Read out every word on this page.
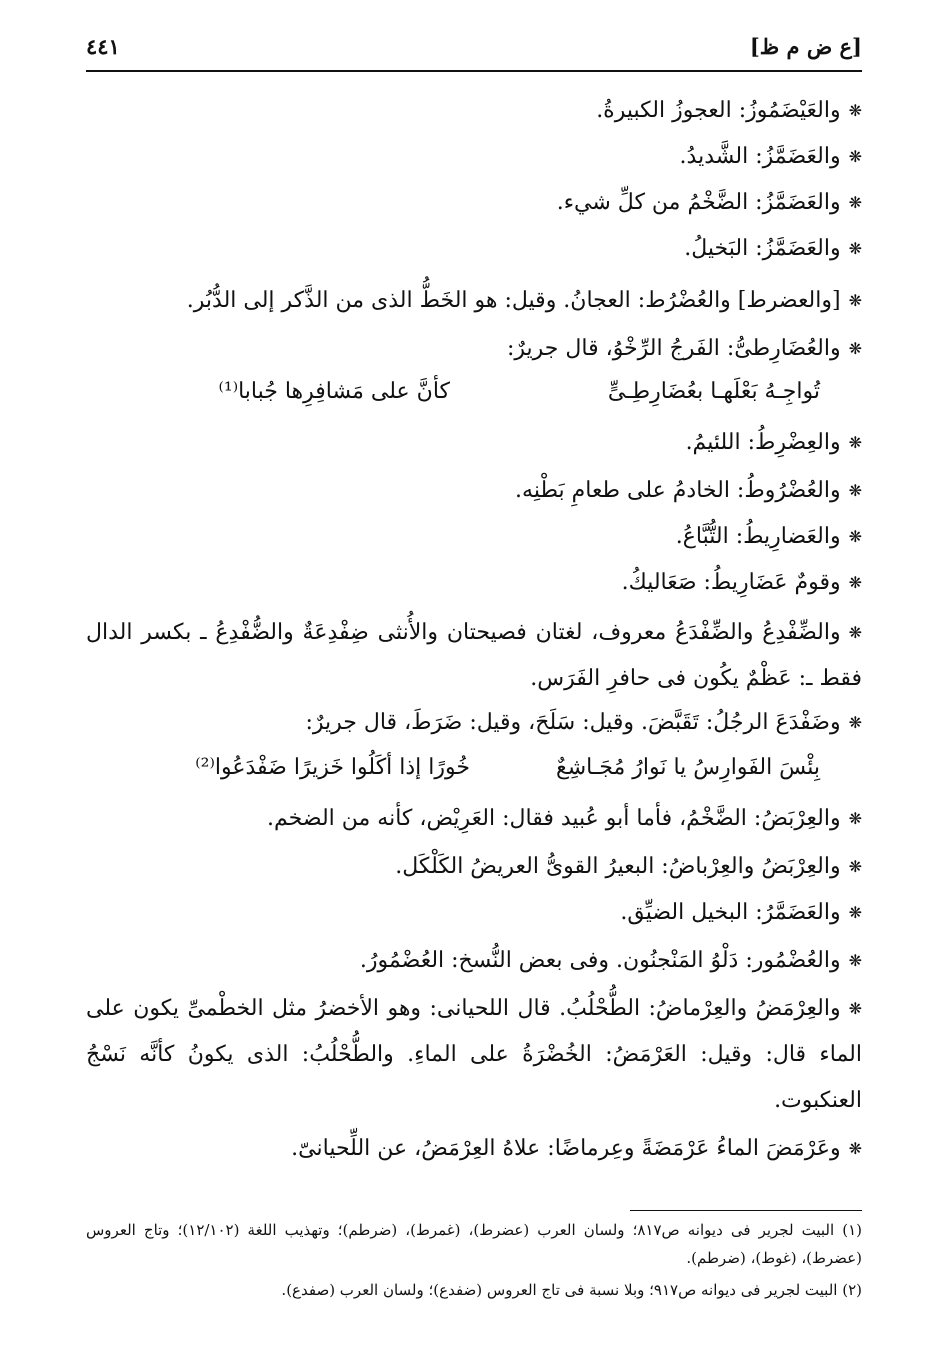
[ع ض م ظ]
٤٤١
❋والعَيْضَمُوزُ: العجوزُ الكبيرةُ.
❋والعَضَمَّزُ: الشَّديدُ.
❋والعَضَمَّزُ: الضَّخْمُ من كلِّ شيء.
❋والعَضَمَّزُ: البَخيلُ.
❋[والعضرط] والعُضْرُط: العجانُ. وقيل: هو الخَطُّ الذى من الذَّكر إلى الدُّبُر.
❋والعُضَارِطىُّ: الفَرجُ الرِّخْوُ، قال جريرٌ:
تُواجِـهُ بَعْلَهـا بعُضَارِطِـىٍّ
كأنَّ على مَشافِرِها جُبابا⁽¹⁾
❋والعِضْرِطُ: اللئيمُ.
❋والعُضْرُوطُ: الخادمُ على طعامِ بَطْنِه.
❋والعَضارِيطُ: التُّبَّاعُ.
❋وقومٌ عَضَارِيطُ: صَعَاليكُ.
❋والضِّفْدِعُ والضِّفْدَعُ معروف، لغتان فصيحتان والأُنثى ضِفْدِعَةٌ والضُّفْدِعُ ـ بكسر الدال فقط ـ: عَظْمٌ يكُون فى حافرِ الفَرَس.
❋وضَفْدَعَ الرجُلُ: تَقَبَّضَ. وقيل: سَلَحَ، وقيل: ضَرَطَ، قال جريرٌ:
بِئْسَ الفَوارِسُ يا نَوارُ مُجَـاشِعٌ
خُورًا إذا أكَلُوا خَزيرًا ضَفْدَعُوا⁽²⁾
❋والعِرْبَضُ: الضَّخْمُ، فأما أبو عُبيد فقال: العَرِيْض، كأنه من الضخم.
❋والعِرْبَضُ والعِرْباضُ: البعيرُ القوىُّ العريضُ الكَلْكَل.
❋والعَضَمَّرُ: البخيل الضيِّق.
❋والعُضْمُور: دَلْوُ المَنْجنُون. وفى بعض النُّسخ: العُضْمُورُ.
❋والعِرْمَضُ والعِرْماضُ: الطُّحْلُبُ. قال اللحيانى: وهو الأخضرُ مثل الخطْمىِّ يكون على الماء قال: وقيل: العَرْمَضُ: الخُضْرَةُ على الماءِ. والطُّحْلُبُ: الذى يكونُ كأنَّه نَسْجُ العنكبوت.
❋وعَرْمَضَ الماءُ عَرْمَضَةً وعِرماضًا: علاهُ العِرْمَضُ، عن اللِّحيانىّ.
(١) البيت لجرير فى ديوانه ص٨١٧؛ ولسان العرب (عضرط)، (غمرط)، (ضرطم)؛ وتهذيب اللغة (١٢/١٠٢)؛ وتاج العروس (عضرط)، (غوط)، (ضرطم).
(٢) البيت لجرير فى ديوانه ص٩١٧؛ وبلا نسبة فى تاج العروس (ضفدع)؛ ولسان العرب (صفدع).
